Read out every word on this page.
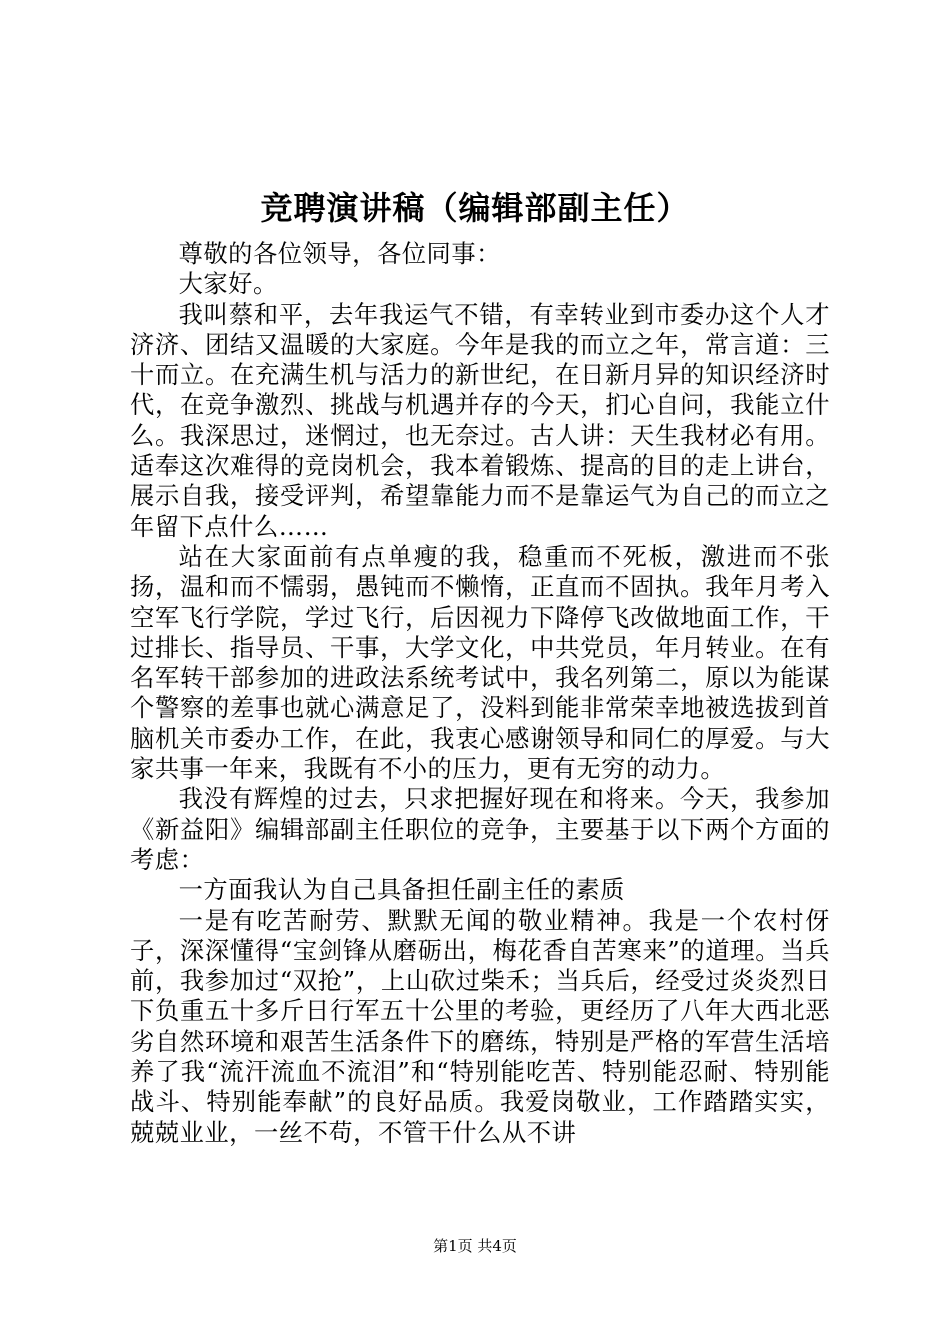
竞聘演讲稿（编辑部副主任）

尊敬的各位领导，各位同事：

大家好。

我叫蔡和平，去年我运气不错，有幸转业到市委办这个人才济济、团结又温暖的大家庭。今年是我的而立之年，常言道：三十而立。在充满生机与活力的新世纪，在日新月异的知识经济时代，在竞争激烈、挑战与机遇并存的今天，扪心自问，我能立什么。我深思过，迷惘过，也无奈过。古人讲：天生我材必有用。适奉这次难得的竞岗机会，我本着锻炼、提高的目的走上讲台，展示自我，接受评判，希望靠能力而不是靠运气为自己的而立之年留下点什么……

站在大家面前有点单瘦的我，稳重而不死板，激进而不张扬，温和而不懦弱，愚钝而不懒惰，正直而不固执。我年月考入空军飞行学院，学过飞行，后因视力下降停飞改做地面工作，干过排长、指导员、干事，大学文化，中共党员，年月转业。在有名军转干部参加的进政法系统考试中，我名列第二，原以为能谋个警察的差事也就心满意足了，没料到能非常荣幸地被选拔到首脑机关市委办工作，在此，我衷心感谢领导和同仁的厚爱。与大家共事一年来，我既有不小的压力，更有无穷的动力。

我没有辉煌的过去，只求把握好现在和将来。今天，我参加《新益阳》编辑部副主任职位的竞争，主要基于以下两个方面的考虑：

一方面我认为自己具备担任副主任的素质

一是有吃苦耐劳、默默无闻的敬业精神。我是一个农村伢子，深深懂得“宝剑锋从磨砺出，梅花香自苦寒来”的道理。当兵前，我参加过“双抢”，上山砍过柴禾；当兵后，经受过炎炎烈日下负重五十多斤日行军五十公里的考验，更经历了八年大西北恶劣自然环境和艰苦生活条件下的磨练，特别是严格的军营生活培养了我“流汗流血不流泪”和“特别能吃苦、特别能忍耐、特别能战斗、特别能奉献”的良好品质。我爱岗敬业，工作踏踏实实，兢兢业业，一丝不苟，不管干什么从不讲

第1页 共4页
